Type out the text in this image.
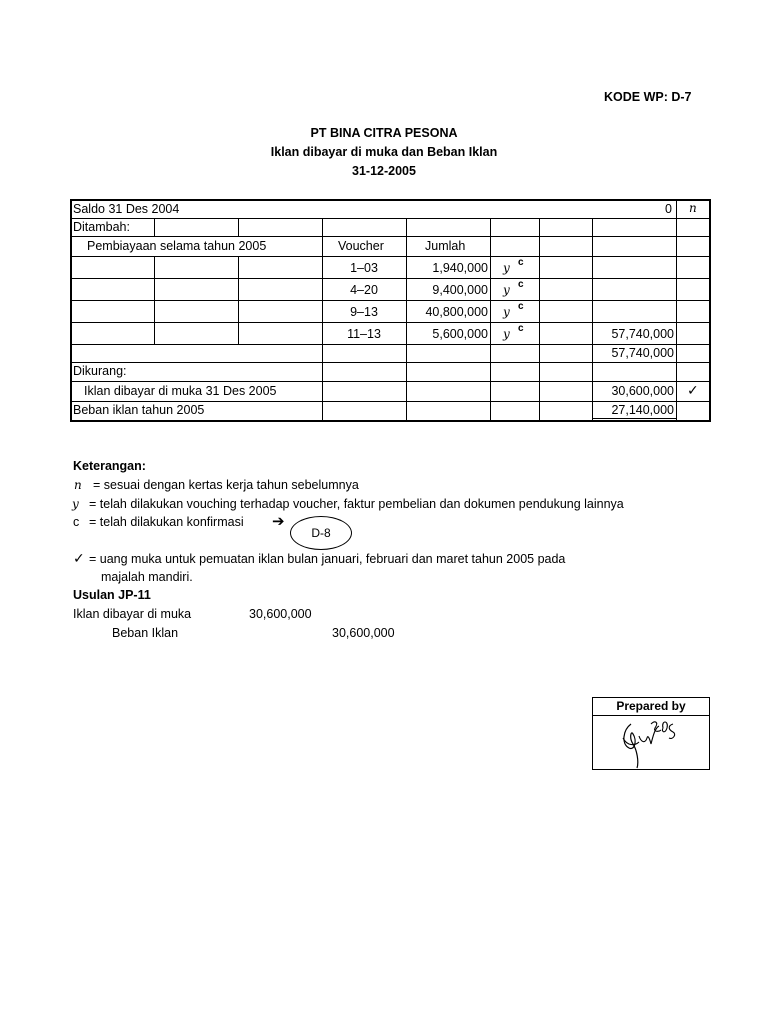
KODE WP: D-7
PT BINA CITRA PESONA
Iklan dibayar di muka dan Beban Iklan
31-12-2005
Saldo 31 Des 2004	0 n
Ditambah:
Pembiayaan selama tahun 2005	Voucher	Jumlah
1–03	1,940,000 y c
4–20	9,400,000 y c
9–13	40,800,000 y c
11–13	5,600,000 y c	57,740,000
57,740,000
Dikurang:
Iklan dibayar di muka 31 Des 2005	30,600,000 ✓
Beban iklan tahun 2005	27,140,000
Keterangan:
n = sesuai dengan kertas kerja tahun sebelumnya
y = telah dilakukan vouching terhadap voucher, faktur pembelian dan dokumen pendukung lainnya
c = telah dilakukan konfirmasi ➔
D-8
✓ = uang muka untuk pemuatan iklan bulan januari, februari dan maret tahun 2005 pada
majalah mandiri.
Usulan JP-11
Iklan dibayar di muka	30,600,000
Beban Iklan	30,600,000
Prepared by
